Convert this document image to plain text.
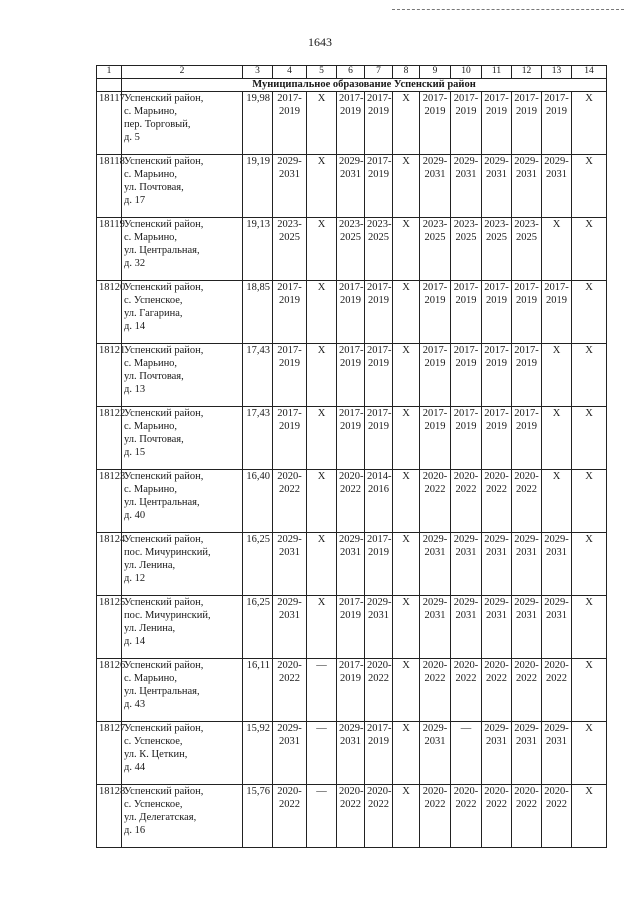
1643
1	2	3	4	5	6	7	8	9	10	11	12	13	14
	Муниципальное образование Успенский район												
18117	Успенский район,
с. Марьино,
пер. Торговый,
д. 5	19,98	2017-2019	X	2017-2019	2017-2019	X	2017-2019	2017-2019	2017-2019	2017-2019	2017-2019	X
18118	Успенский район,
с. Марьино,
ул. Почтовая,
д. 17	19,19	2029-2031	X	2029-2031	2017-2019	X	2029-2031	2029-2031	2029-2031	2029-2031	2029-2031	X
18119	Успенский район,
с. Марьино,
ул. Центральная,
д. 32	19,13	2023-2025	X	2023-2025	2023-2025	X	2023-2025	2023-2025	2023-2025	2023-2025	X	X
18120	Успенский район,
с. Успенское,
ул. Гагарина,
д. 14	18,85	2017-2019	X	2017-2019	2017-2019	X	2017-2019	2017-2019	2017-2019	2017-2019	2017-2019	X
18121	Успенский район,
с. Марьино,
ул. Почтовая,
д. 13	17,43	2017-2019	X	2017-2019	2017-2019	X	2017-2019	2017-2019	2017-2019	2017-2019	X	X
18122	Успенский район,
с. Марьино,
ул. Почтовая,
д. 15	17,43	2017-2019	X	2017-2019	2017-2019	X	2017-2019	2017-2019	2017-2019	2017-2019	X	X
18123	Успенский район,
с. Марьино,
ул. Центральная,
д. 40	16,40	2020-2022	X	2020-2022	2014-2016	X	2020-2022	2020-2022	2020-2022	2020-2022	X	X
18124	Успенский район,
пос. Мичуринский,
ул. Ленина,
д. 12	16,25	2029-2031	X	2029-2031	2017-2019	X	2029-2031	2029-2031	2029-2031	2029-2031	2029-2031	X
18125	Успенский район,
пос. Мичуринский,
ул. Ленина,
д. 14	16,25	2029-2031	X	2017-2019	2029-2031	X	2029-2031	2029-2031	2029-2031	2029-2031	2029-2031	X
18126	Успенский район,
с. Марьино,
ул. Центральная,
д. 43	16,11	2020-2022	—	2017-2019	2020-2022	X	2020-2022	2020-2022	2020-2022	2020-2022	2020-2022	X
18127	Успенский район,
с. Успенское,
ул. К. Цеткин,
д. 44	15,92	2029-2031	—	2029-2031	2017-2019	X	2029-2031	—	2029-2031	2029-2031	2029-2031	X
18128	Успенский район,
с. Успенское,
ул. Делегатская,
д. 16	15,76	2020-2022	—	2020-2022	2020-2022	X	2020-2022	2020-2022	2020-2022	2020-2022	2020-2022	X
